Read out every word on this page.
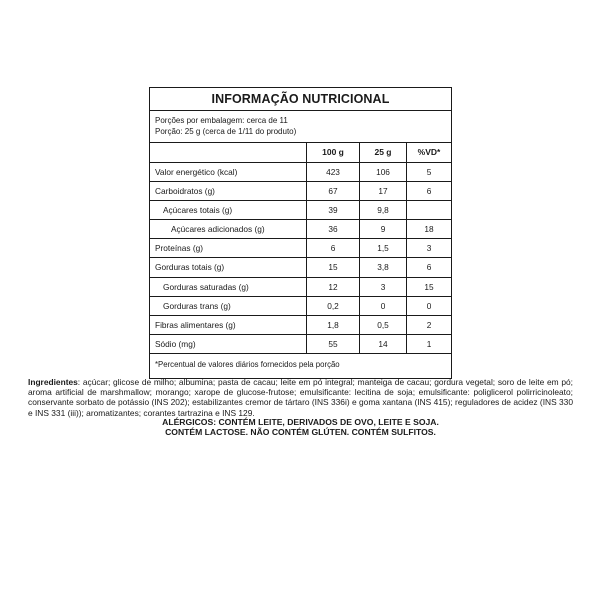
INFORMAÇÃO NUTRICIONAL
Porções por embalagem: cerca de 11
Porção: 25 g (cerca de 1/11 do produto)
100 g	25 g	%VD*
Valor energético (kcal)	423	106	5
Carboidratos (g)	67	17	6
Açúcares totais (g)	39	9,8
Açúcares adicionados (g)	36	9	18
Proteínas (g)	6	1,5	3
Gorduras totais (g)	15	3,8	6
Gorduras saturadas (g)	12	3	15
Gorduras trans (g)	0,2	0	0
Fibras alimentares (g)	1,8	0,5	2
Sódio (mg)	55	14	1
*Percentual de valores diários fornecidos pela porção
Ingredientes: açúcar; glicose de milho; albumina; pasta de cacau; leite em pó integral; manteiga de cacau; gordura vegetal; soro de leite em pó; aroma artificial de marshmallow; morango; xarope de glucose-frutose; emulsificante: lecitina de soja; emulsificante: poliglicerol polirricinoleato; conservante sorbato de potássio (INS 202); estabilizantes cremor de tártaro (INS 336i) e goma xantana (INS 415); reguladores de acidez (INS 330 e INS 331 (iii)); aromatizantes; corantes tartrazina e INS 129.
ALÉRGICOS: CONTÉM LEITE, DERIVADOS DE OVO, LEITE E SOJA.
CONTÉM LACTOSE. NÃO CONTÉM GLÚTEN. CONTÉM SULFITOS.
